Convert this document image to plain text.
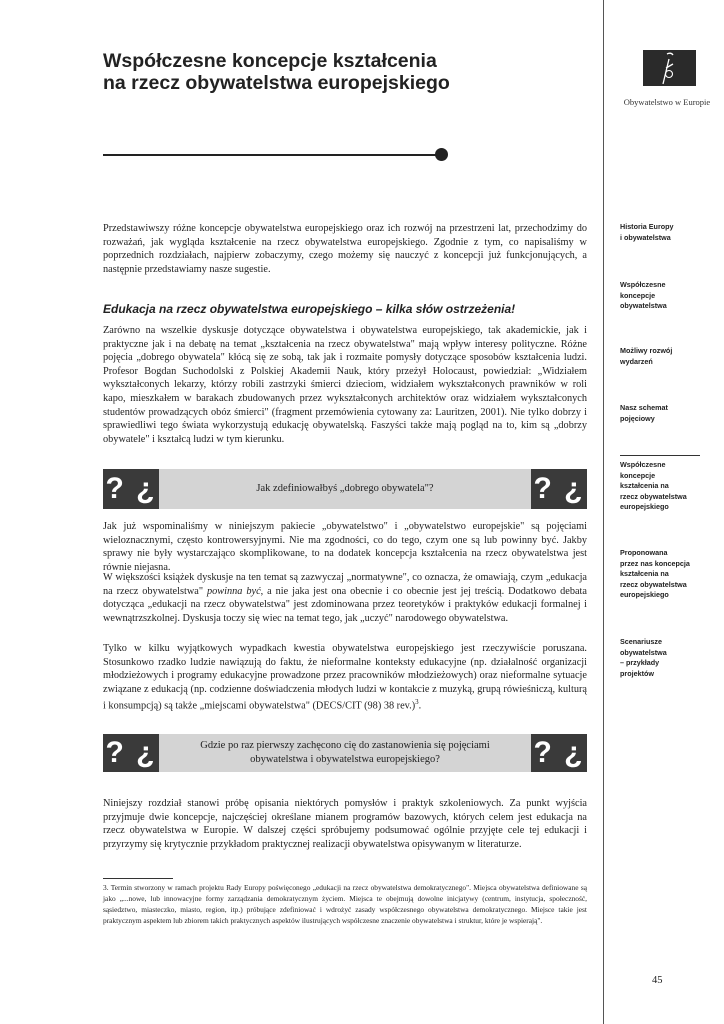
Współczesne koncepcje kształcenia
na rzecz obywatelstwa europejskiego
Obywatelstwo w Europie

Przedstawiwszy różne koncepcje obywatelstwa europejskiego oraz ich rozwój na przestrzeni lat, przechodzimy do rozważań, jak wygląda kształcenie na rzecz obywatelstwa europejskiego. Zgodnie z tym, co napisaliśmy w poprzednich rozdziałach, najpierw zobaczymy, czego możemy się nauczyć z koncepcji już funkcjonujących, a następnie przedstawiamy nasze sugestie.

Edukacja na rzecz obywatelstwa europejskiego – kilka słów ostrzeżenia!

Zarówno na wszelkie dyskusje dotyczące obywatelstwa i obywatelstwa europejskiego, tak akademickie, jak i praktyczne jak i na debatę na temat „kształcenia na rzecz obywatelstwa" mają wpływ interesy polityczne. Różne pojęcia „dobrego obywatela" kłócą się ze sobą, tak jak i rozmaite pomysły dotyczące sposobów kształcenia ludzi. Profesor Bogdan Suchodolski z Polskiej Akademii Nauk, który przeżył Holocaust, powiedział: „Widziałem wykształconych lekarzy, którzy robili zastrzyki śmierci dzieciom, widziałem wykształconych prawników w roli kapo, mieszkałem w barakach zbudowanych przez wykształconych architektów oraz widziałem wykształconych studentów prowadzących obóz śmierci" (fragment przemówienia cytowany za: Lauritzen, 2001). Nie tylko dobrzy i sprawiedliwi tego świata wykorzystują edukację obywatelską. Faszyści także mają pogląd na to, kim są „dobrzy obywatele" i kształcą ludzi w tym kierunku.

? ¿	Jak zdefiniowałbyś „dobrego obywatela"?	? ¿

Jak już wspominaliśmy w niniejszym pakiecie „obywatelstwo" i „obywatelstwo europejskie" są pojęciami wieloznacznymi, często kontrowersyjnymi. Nie ma zgodności, co do tego, czym one są lub powinny być. Jakby sprawy nie były wystarczająco skomplikowane, to na dodatek koncepcja kształcenia na rzecz obywatelstwa jest równie niejasna.

W większości książek dyskusje na ten temat są zazwyczaj „normatywne", co oznacza, że omawiają, czym „edukacja na rzecz obywatelstwa" powinna być, a nie jaka jest ona obecnie i co obecnie jest jej treścią. Dodatkowo debata dotycząca „edukacji na rzecz obywatelstwa" jest zdominowana przez teoretyków i praktyków edukacji formalnej i wewnątrzszkolnej. Dyskusja toczy się wiec na temat tego, jak „uczyć" narodowego obywatelstwa.

Tylko w kilku wyjątkowych wypadkach kwestia obywatelstwa europejskiego jest rzeczywiście poruszana. Stosunkowo rzadko ludzie nawiązują do faktu, że nieformalne konteksty edukacyjne (np. działalność organizacji młodzieżowych i programy edukacyjne prowadzone przez pracowników młodzieżowych) oraz nieformalne sytuacje związane z edukacją (np. codzienne doświadczenia młodych ludzi w kontakcie z muzyką, grupą rówieśniczą, kulturą i konsumpcją) są także „miejscami obywatelstwa" (DECS/CIT (98) 38 rev.)$^3$.

? ¿	Gdzie po raz pierwszy zachęcono cię do zastanowienia się pojęciami
obywatelstwa i obywatelstwa europejskiego?	? ¿

Niniejszy rozdział stanowi próbę opisania niektórych pomysłów i praktyk szkoleniowych. Za punkt wyjścia przyjmuje dwie koncepcje, najczęściej określane mianem programów bazowych, których celem jest edukacja na rzecz obywatelstwa w Europie. W dalszej części spróbujemy podsumować ogólnie przyjęte cele tej edukacji i przyrzymy się krytycznie przykładom praktycznej realizacji obywatelstwa opisywanym w literaturze.

3. Termin stworzony w ramach projektu Rady Europy poświęconego „edukacji na rzecz obywatelstwa demokratycznego". Miejsca obywatelstwa definiowane są jako „...nowe, lub innowacyjne formy zarządzania demokratycznym życiem. Miejsca te obejmują dowolne inicjatywy (centrum, instytucja, społeczność, sąsiedztwo, miasteczko, miasto, region, itp.) próbujące zdefiniować i wdrożyć zasady współczesnego obywatelstwa demokratycznego. Miejsce takie jest praktycznym aspektem lub zbiorem takich praktycznych aspektów ilustrujących współczesne znaczenie obywatelstwa i struktur, które je wspierają".

Historia Europy
i obywatelstwa
Współczesne
koncepcje
obywatelstwa
Możliwy rozwój
wydarzeń
Nasz schemat
pojęciowy
Współczesne
koncepcje
kształcenia na
rzecz obywatelstwa
europejskiego
Proponowana
przez nas koncepcja
kształcenia na
rzecz obywatelstwa
europejskiego
Scenariusze
obywatelstwa
– przykłady
projektów
45
